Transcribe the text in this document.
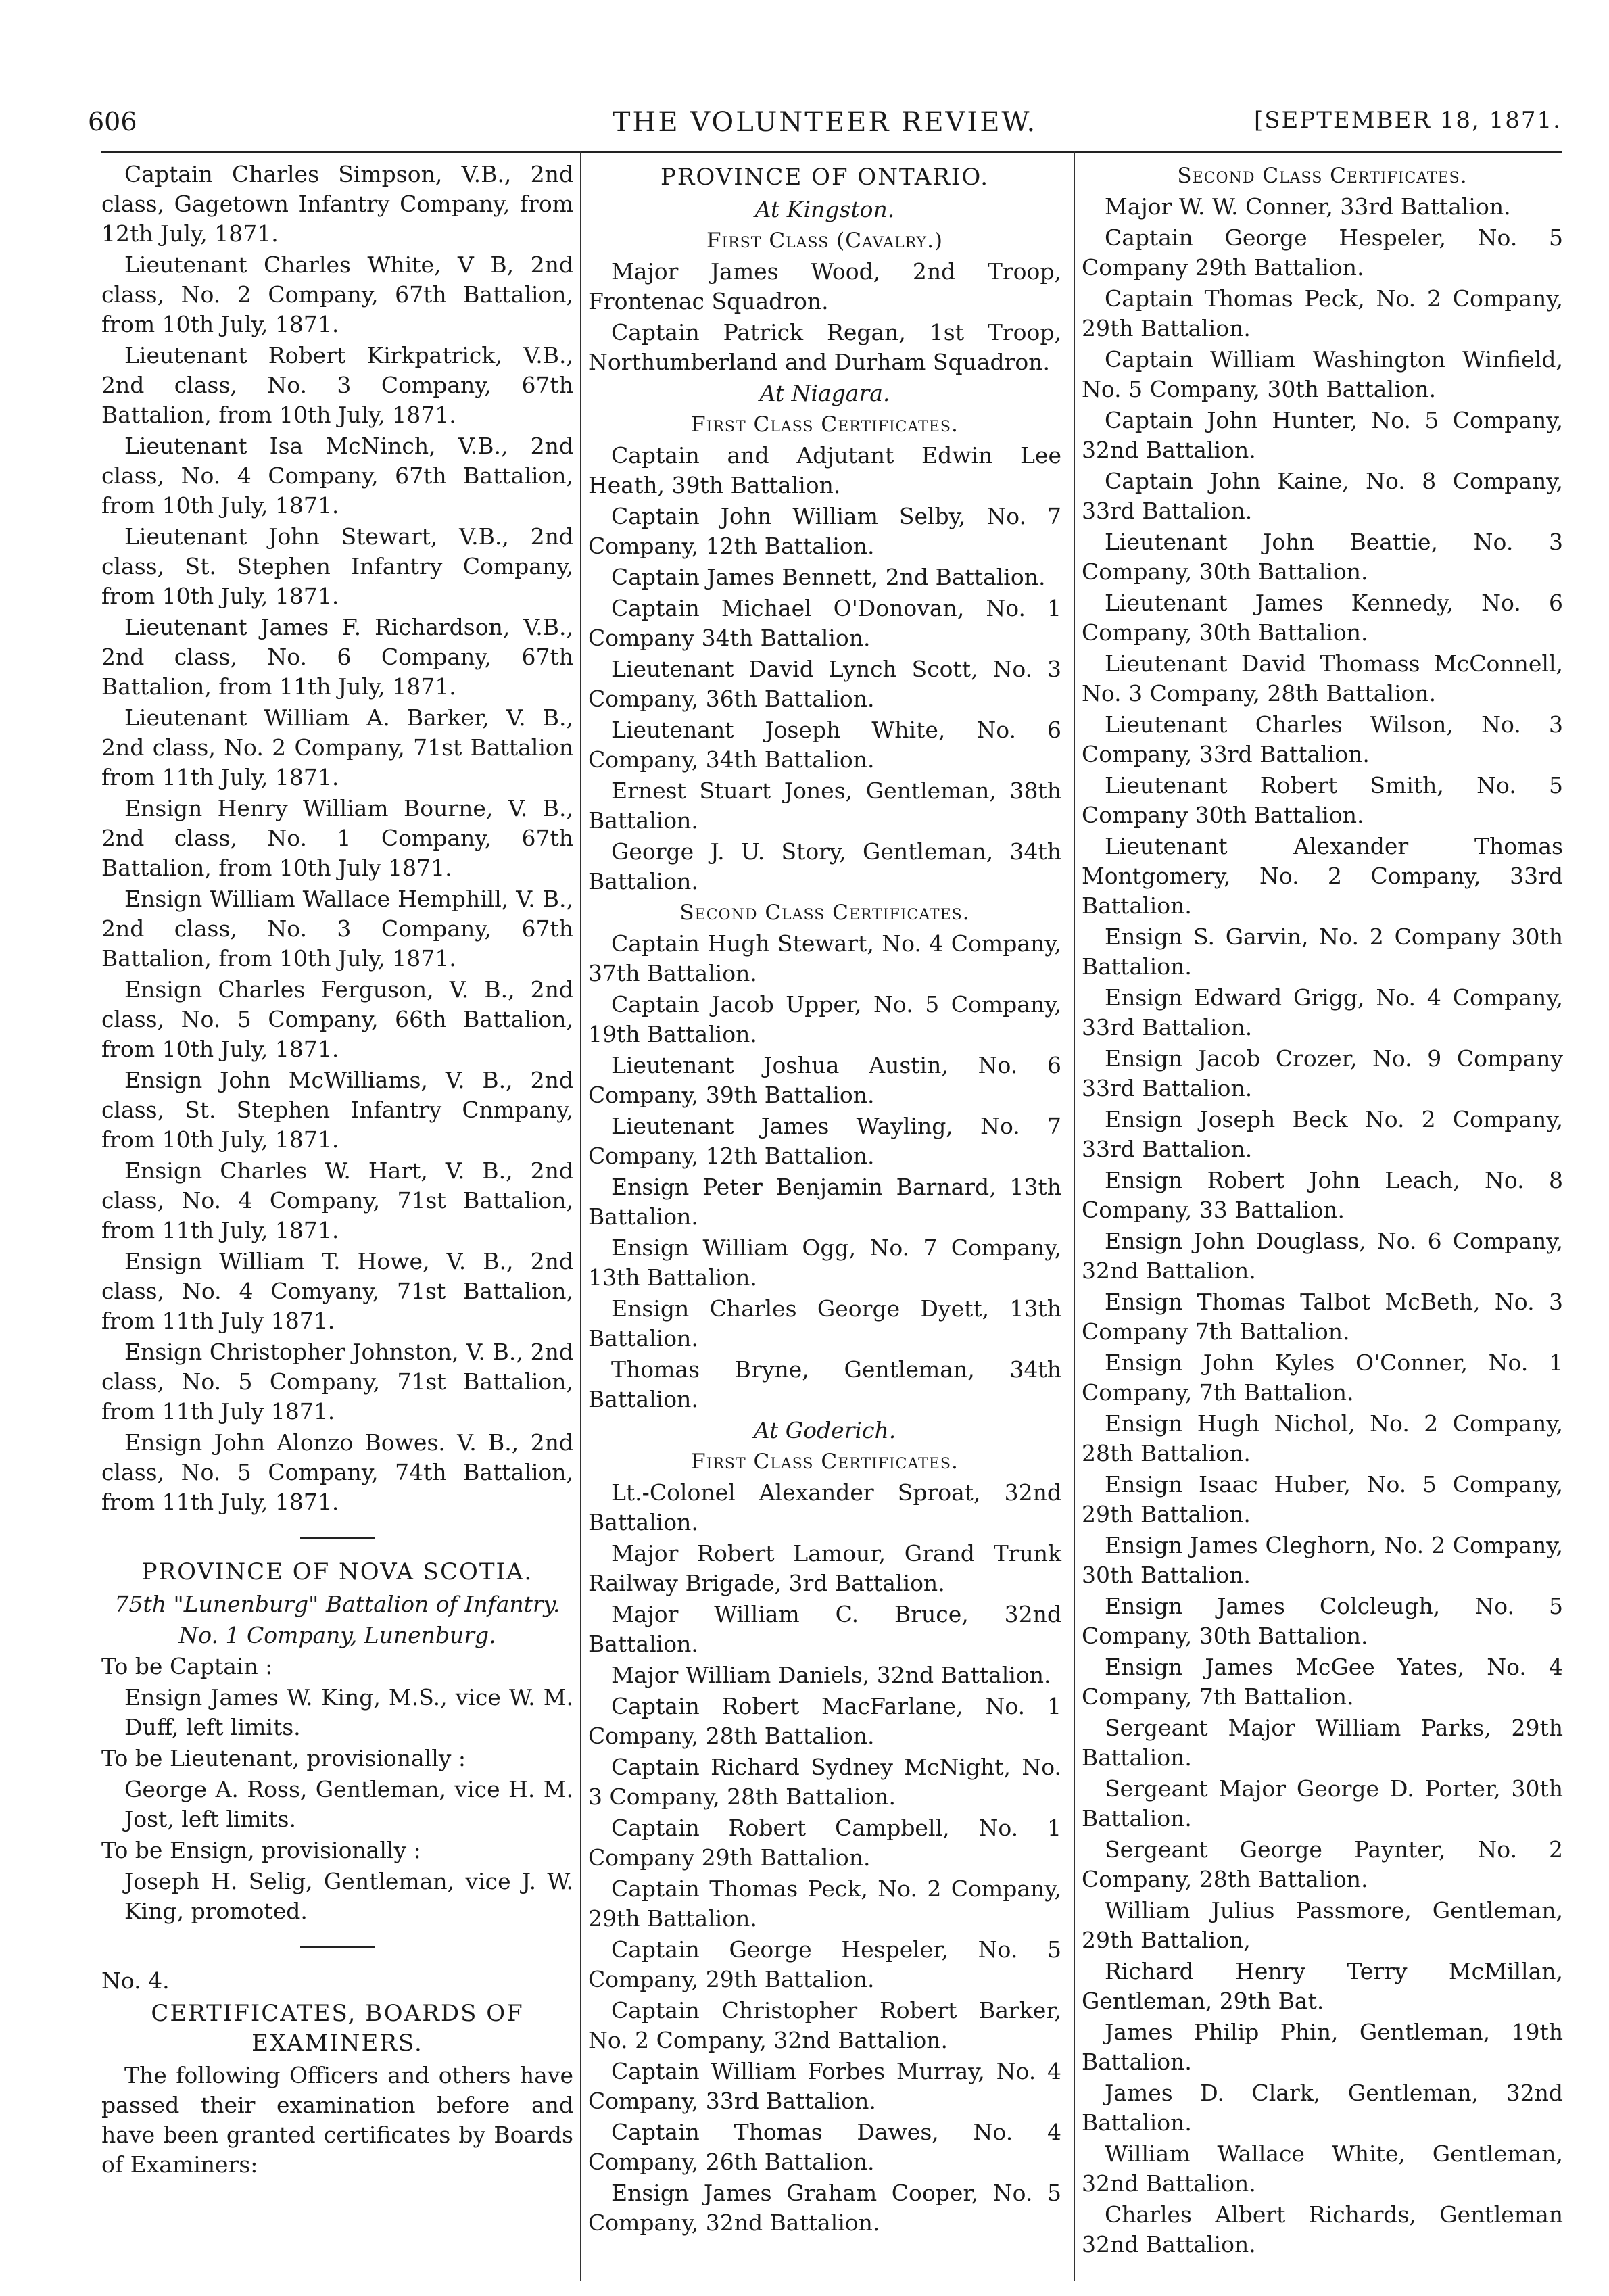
606	THE VOLUNTEER REVIEW.	[SEPTEMBER 18, 1871.
Captain Charles Simpson, V.B., 2nd class, Gagetown Infantry Company, from 12th July, 1871.
Lieutenant Charles White, V B, 2nd class, No. 2 Company, 67th Battalion, from 10th July, 1871.
Lieutenant Robert Kirkpatrick, V.B., 2nd class, No. 3 Company, 67th Battalion, from 10th July, 1871.
Lieutenant Isa McNinch, V.B., 2nd class, No. 4 Company, 67th Battalion, from 10th July, 1871.
Lieutenant John Stewart, V.B., 2nd class, St. Stephen Infantry Company, from 10th July, 1871.
Lieutenant James F. Richardson, V.B., 2nd class, No. 6 Company, 67th Battalion, from 11th July, 1871.
Lieutenant William A. Barker, V. B., 2nd class, No. 2 Company, 71st Battalion from 11th July, 1871.
Ensign Henry William Bourne, V. B., 2nd class, No. 1 Company, 67th Battalion, from 10th July 1871.
Ensign William Wallace Hemphill, V. B., 2nd class, No. 3 Company, 67th Battalion, from 10th July, 1871.
Ensign Charles Ferguson, V. B., 2nd class, No. 5 Company, 66th Battalion, from 10th July, 1871.
Ensign John McWilliams, V. B., 2nd class, St. Stephen Infantry Cnmpany, from 10th July, 1871.
Ensign Charles W. Hart, V. B., 2nd class, No. 4 Company, 71st Battalion, from 11th July, 1871.
Ensign William T. Howe, V. B., 2nd class, No. 4 Comyany, 71st Battalion, from 11th July 1871.
Ensign Christopher Johnston, V. B., 2nd class, No. 5 Company, 71st Battalion, from 11th July 1871.
Ensign John Alonzo Bowes. V. B., 2nd class, No. 5 Company, 74th Battalion, from 11th July, 1871.
PROVINCE OF NOVA SCOTIA.
75th "Lunenburg" Battalion of Infantry.
No. 1 Company, Lunenburg.
To be Captain :
Ensign James W. King, M.S., vice W. M. Duff, left limits.
To be Lieutenant, provisionally :
George A. Ross, Gentleman, vice H. M. Jost, left limits.
To be Ensign, provisionally :
Joseph H. Selig, Gentleman, vice J. W. King, promoted.
No. 4.
CERTIFICATES, BOARDS OF EXAMINERS.
The following Officers and others have passed their examination before and have been granted certificates by Boards of Examiners:
PROVINCE OF ONTARIO.
At Kingston.
First Class (Cavalry.)
Major James Wood, 2nd Troop, Frontenac Squadron.
Captain Patrick Regan, 1st Troop, Northumberland and Durham Squadron.
At Niagara.
First Class Certificates.
Captain and Adjutant Edwin Lee Heath, 39th Battalion.
Captain John William Selby, No. 7 Company, 12th Battalion.
Captain James Bennett, 2nd Battalion.
Captain Michael O'Donovan, No. 1 Company 34th Battalion.
Lieutenant David Lynch Scott, No. 3 Company, 36th Battalion.
Lieutenant Joseph White, No. 6 Company, 34th Battalion.
Ernest Stuart Jones, Gentleman, 38th Battalion.
George J. U. Story, Gentleman, 34th Battalion.
Second Class Certificates.
Captain Hugh Stewart, No. 4 Company, 37th Battalion.
Captain Jacob Upper, No. 5 Company, 19th Battalion.
Lieutenant Joshua Austin, No. 6 Company, 39th Battalion.
Lieutenant James Wayling, No. 7 Company, 12th Battalion.
Ensign Peter Benjamin Barnard, 13th Battalion.
Ensign William Ogg, No. 7 Company, 13th Battalion.
Ensign Charles George Dyett, 13th Battalion.
Thomas Bryne, Gentleman, 34th Battalion.
At Goderich.
First Class Certificates.
Lt.-Colonel Alexander Sproat, 32nd Battalion.
Major Robert Lamour, Grand Trunk Railway Brigade, 3rd Battalion.
Major William C. Bruce, 32nd Battalion.
Major William Daniels, 32nd Battalion.
Captain Robert MacFarlane, No. 1 Company, 28th Battalion.
Captain Richard Sydney McNight, No. 3 Company, 28th Battalion.
Captain Robert Campbell, No. 1 Company 29th Battalion.
Captain Thomas Peck, No. 2 Company, 29th Battalion.
Captain George Hespeler, No. 5 Company, 29th Battalion.
Captain Christopher Robert Barker, No. 2 Company, 32nd Battalion.
Captain William Forbes Murray, No. 4 Company, 33rd Battalion.
Captain Thomas Dawes, No. 4 Company, 26th Battalion.
Ensign James Graham Cooper, No. 5 Company, 32nd Battalion.
Second Class Certificates.
Major W. W. Conner, 33rd Battalion.
Captain George Hespeler, No. 5 Company 29th Battalion.
Captain Thomas Peck, No. 2 Company, 29th Battalion.
Captain William Washington Winfield, No. 5 Company, 30th Battalion.
Captain John Hunter, No. 5 Company, 32nd Battalion.
Captain John Kaine, No. 8 Company, 33rd Battalion.
Lieutenant John Beattie, No. 3 Company, 30th Battalion.
Lieutenant James Kennedy, No. 6 Company, 30th Battalion.
Lieutenant David Thomass McConnell, No. 3 Company, 28th Battalion.
Lieutenant Charles Wilson, No. 3 Company, 33rd Battalion.
Lieutenant Robert Smith, No. 5 Company 30th Battalion.
Lieutenant Alexander Thomas Montgomery, No. 2 Company, 33rd Battalion.
Ensign S. Garvin, No. 2 Company 30th Battalion.
Ensign Edward Grigg, No. 4 Company, 33rd Battalion.
Ensign Jacob Crozer, No. 9 Company 33rd Battalion.
Ensign Joseph Beck No. 2 Company, 33rd Battalion.
Ensign Robert John Leach, No. 8 Company, 33 Battalion.
Ensign John Douglass, No. 6 Company, 32nd Battalion.
Ensign Thomas Talbot McBeth, No. 3 Company 7th Battalion.
Ensign John Kyles O'Conner, No. 1 Company, 7th Battalion.
Ensign Hugh Nichol, No. 2 Company, 28th Battalion.
Ensign Isaac Huber, No. 5 Company, 29th Battalion.
Ensign James Cleghorn, No. 2 Company, 30th Battalion.
Ensign James Colcleugh, No. 5 Company, 30th Battalion.
Ensign James McGee Yates, No. 4 Company, 7th Battalion.
Sergeant Major William Parks, 29th Battalion.
Sergeant Major George D. Porter, 30th Battalion.
Sergeant George Paynter, No. 2 Company, 28th Battalion.
William Julius Passmore, Gentleman, 29th Battalion,
Richard Henry Terry McMillan, Gentleman, 29th Bat.
James Philip Phin, Gentleman, 19th Battalion.
James D. Clark, Gentleman, 32nd Battalion.
William Wallace White, Gentleman, 32nd Battalion.
Charles Albert Richards, Gentleman 32nd Battalion.
